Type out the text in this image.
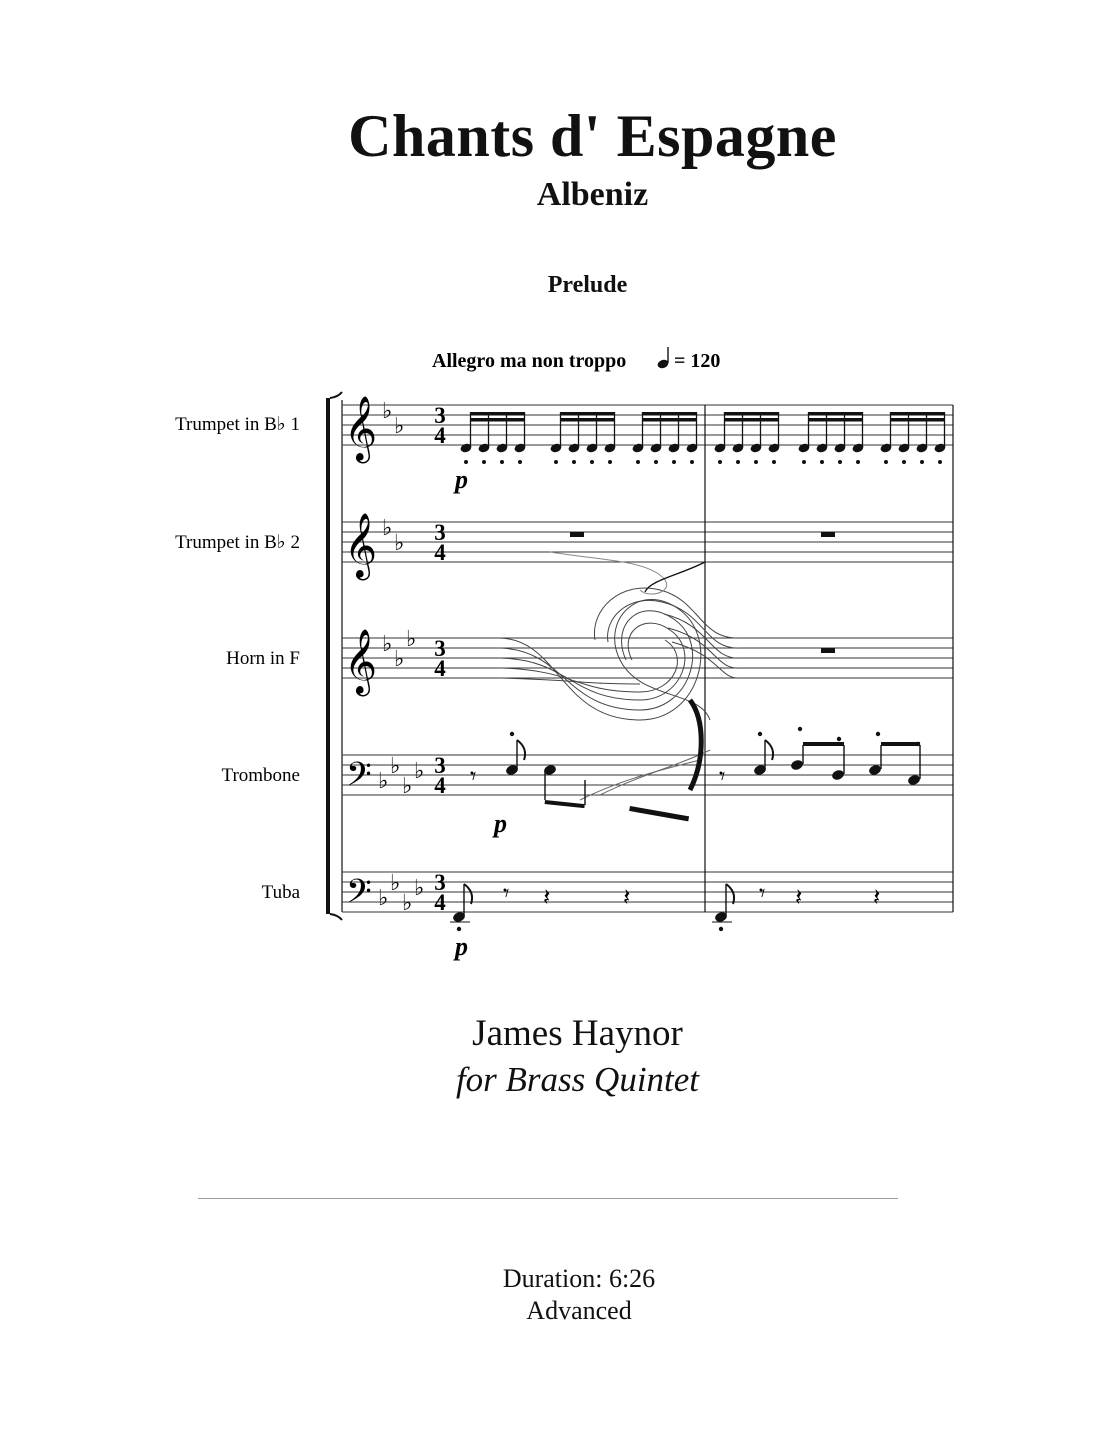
Chants d' Espagne
Albeniz
Prelude
Allegro ma non troppo = 120
Trumpet in B♭ 1
Trumpet in B♭ 2
Horn in F
Trombone
Tuba
𝄞
𝄞
𝄞
𝄢
𝄢
♭
♭
♭
♭
♭
♭
♭
♭
♭
♭
♭
♭
♭
♭
♭
3
4
3
4
3
4
3
4
3
4
𝄾	𝄾
𝄾 𝄽	𝄽	𝄾 𝄽	𝄽
p
p
p
James Haynor
for Brass Quintet
Duration: 6:26
Advanced
